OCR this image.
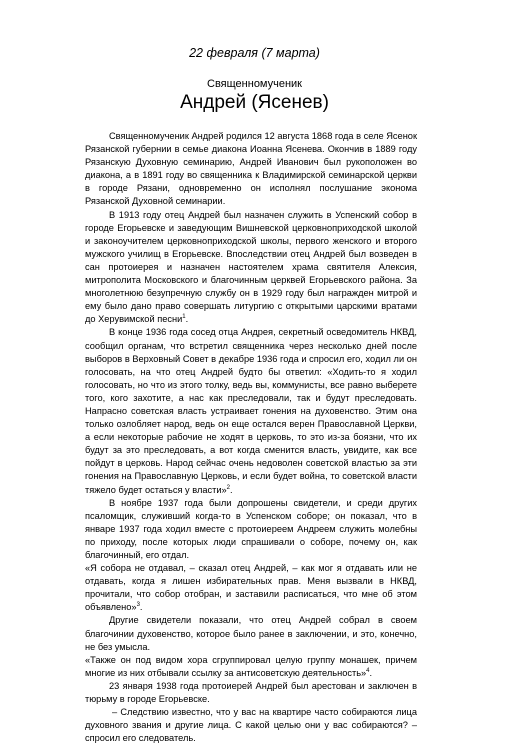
22 февраля (7 марта)
Священномученик
Андрей (Ясенев)

Священномученик Андрей родился 12 августа 1868 года в селе Ясенок Рязанской губернии в семье диакона Иоанна Ясенева. Окончив в 1889 году Рязанскую Духовную семинарию, Андрей Иванович был рукоположен во диакона, а в 1891 году во священника к Владимирской семинарской церкви в городе Рязани, одновременно он исполнял послушание эконома Рязанской Духовной семинарии.

В 1913 году отец Андрей был назначен служить в Успенский собор в городе Егорьевске и заведующим Вишневской церковноприходской школой и законоучителем церковноприходской школы, первого женского и второго мужского училищ в Егорьевске. Впоследствии отец Андрей был возведен в сан протоиерея и назначен настоятелем храма святителя Алексия, митрополита Московского и благочинным церквей Егорьевского района. За многолетнюю безупречную службу он в 1929 году был награжден митрой и ему было дано право совершать литургию с открытыми царскими вратами до Херувимской песни$^1$.

В конце 1936 года сосед отца Андрея, секретный осведомитель НКВД, сообщил органам, что встретил священника через несколько дней после выборов в Верховный Совет в декабре 1936 года и спросил его, ходил ли он голосовать, на что отец Андрей будто бы ответил: «Ходить-то я ходил голосовать, но что из этого толку, ведь вы, коммунисты, все равно выберете того, кого захотите, а нас как преследовали, так и будут преследовать. Напрасно советская власть устраивает гонения на духовенство. Этим она только озлобляет народ, ведь он еще остался верен Православной Церкви, а если некоторые рабочие не ходят в церковь, то это из-за боязни, что их будут за это преследовать, а вот когда сменится власть, увидите, как все пойдут в церковь. Народ сейчас очень недоволен советской властью за эти гонения на Православную Церковь, и если будет война, то советской власти тяжело будет остаться у власти»$^2$.

В ноябре 1937 года были допрошены свидетели, и среди других псаломщик, служивший когда-то в Успенском соборе; он показал, что в январе 1937 года ходил вместе с протоиереем Андреем служить молебны по приходу, после которых люди спрашивали о соборе, почему он, как благочинный, его отдал.

«Я собора не отдавал, – сказал отец Андрей, – как мог я отдавать или не отдавать, когда я лишен избирательных прав. Меня вызвали в НКВД, прочитали, что собор отобран, и заставили расписаться, что мне об этом объявлено»$^3$.

Другие свидетели показали, что отец Андрей собрал в своем благочинии духовенство, которое было ранее в заключении, и это, конечно, не без умысла.

«Также он под видом хора сгруппировал целую группу монашек, причем многие из них отбывали ссылку за антисоветскую деятельность»$^4$.

23 января 1938 года протоиерей Андрей был арестован и заключен в тюрьму в городе Егорьевске.

– Следствию известно, что у вас на квартире часто собираются лица духовного звания и другие лица. С какой целью они у вас собираются? – спросил его следователь.
